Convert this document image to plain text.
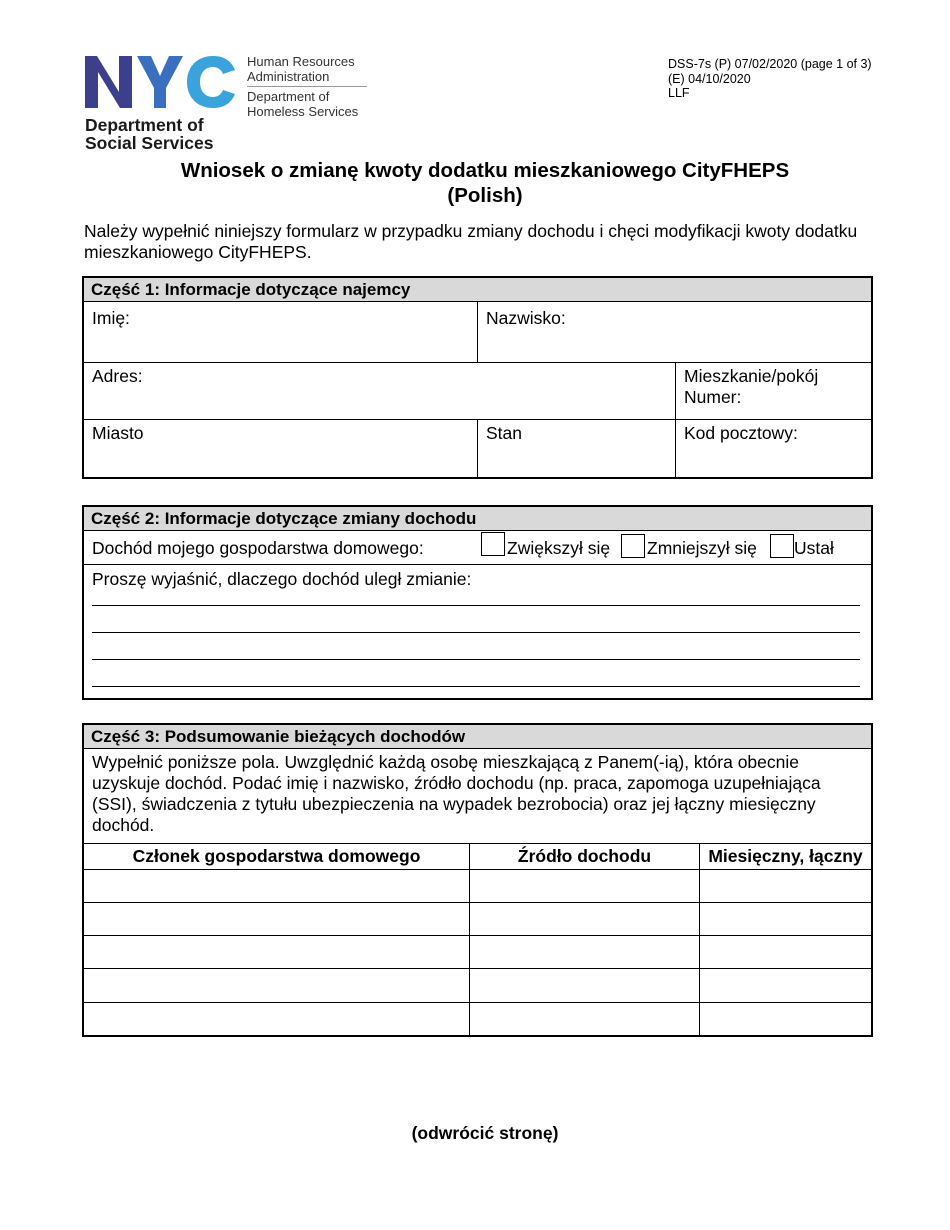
Human Resources
Administration
Department of
Homeless Services
Department of
Social Services
DSS-7s (P) 07/02/2020 (page 1 of 3)
(E) 04/10/2020
LLF
Wniosek o zmianę kwoty dodatku mieszkaniowego CityFHEPS
(Polish)
Należy wypełnić niniejszy formularz w przypadku zmiany dochodu i chęci modyfikacji kwoty dodatku mieszkaniowego CityFHEPS.
Część 1: Informacje dotyczące najemcy
Imię:	Nazwisko:
Adres:	Mieszkanie/pokój
Numer:
Miasto	Stan	Kod pocztowy:
Część 2: Informacje dotyczące zmiany dochodu
Dochód mojego gospodarstwa domowego:	Zwiększył się Zmniejszył się Ustał
Proszę wyjaśnić, dlaczego dochód uległ zmianie:
Część 3: Podsumowanie bieżących dochodów
Wypełnić poniższe pola. Uwzględnić każdą osobę mieszkającą z Panem(-ią), która obecnie uzyskuje dochód. Podać imię i nazwisko, źródło dochodu (np. praca, zapomoga uzupełniająca (SSI), świadczenia z tytułu ubezpieczenia na wypadek bezrobocia) oraz jej łączny miesięczny dochód.
Członek gospodarstwa domowego	Źródło dochodu	Miesięczny, łączny
(odwrócić stronę)
